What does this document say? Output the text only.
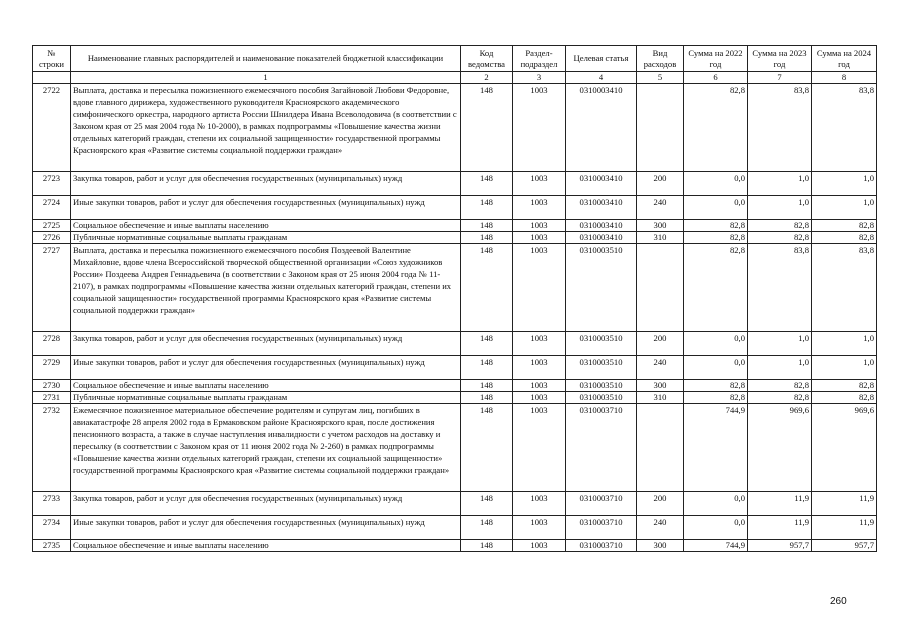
№ строки	Наименование главных распорядителей и наименование показателей бюджетной классификации	Код ведомства	Раздел-подраздел	Целевая статья	Вид расходов	Сумма на 2022 год	Сумма на 2023 год	Сумма на 2024 год
	1	2	3	4	5	6	7	8
2722	Выплата, доставка и пересылка пожизненного ежемесячного пособия Загайновой Любови Федоровне, вдове главного дирижера, художественного руководителя Красноярского академического симфонического оркестра, народного артиста России Шнилдера Ивана Всеволодовича (в соответствии с Законом края от 25 мая 2004 года № 10-2000), в рамках подпрограммы «Повышение качества жизни отдельных категорий граждан, степени их социальной защищенности» государственной программы Красноярского края «Развитие системы социальной поддержки граждан»	148	1003	0310003410		82,8	83,8	83,8
2723	Закупка товаров, работ и услуг для обеспечения государственных (муниципальных) нужд	148	1003	0310003410	200	0,0	1,0	1,0
2724	Иные закупки товаров, работ и услуг для обеспечения государственных (муниципальных) нужд	148	1003	0310003410	240	0,0	1,0	1,0
2725	Социальное обеспечение и иные выплаты населению	148	1003	0310003410	300	82,8	82,8	82,8
2726	Публичные нормативные социальные выплаты гражданам	148	1003	0310003410	310	82,8	82,8	82,8
2727	Выплата, доставка и пересылка пожизненного ежемесячного пособия Поздеевой Валентине Михайловне, вдове члена Всероссийской творческой общественной организации «Союз художников России» Поздеева Андрея Геннадьевича (в соответствии с Законом края от 25 июня 2004 года № 11-2107), в рамках подпрограммы «Повышение качества жизни отдельных категорий граждан, степени их социальной защищенности» государственной программы Красноярского края «Развитие системы социальной поддержки граждан»	148	1003	0310003510		82,8	83,8	83,8
2728	Закупка товаров, работ и услуг для обеспечения государственных (муниципальных) нужд	148	1003	0310003510	200	0,0	1,0	1,0
2729	Иные закупки товаров, работ и услуг для обеспечения государственных (муниципальных) нужд	148	1003	0310003510	240	0,0	1,0	1,0
2730	Социальное обеспечение и иные выплаты населению	148	1003	0310003510	300	82,8	82,8	82,8
2731	Публичные нормативные социальные выплаты гражданам	148	1003	0310003510	310	82,8	82,8	82,8
2732	Ежемесячное пожизненное материальное обеспечение родителям и супругам лиц, погибших в авиакатастрофе 28 апреля 2002 года в Ермаковском районе Красноярского края, после достижения пенсионного возраста, а также в случае наступления инвалидности с учетом расходов на доставку и пересылку (в соответствии с Законом края от 11 июня 2002 года № 2-260) в рамках подпрограммы «Повышение качества жизни отдельных категорий граждан, степени их социальной защищенности» государственной программы Красноярского края «Развитие системы социальной поддержки граждан»	148	1003	0310003710		744,9	969,6	969,6
2733	Закупка товаров, работ и услуг для обеспечения государственных (муниципальных) нужд	148	1003	0310003710	200	0,0	11,9	11,9
2734	Иные закупки товаров, работ и услуг для обеспечения государственных (муниципальных) нужд	148	1003	0310003710	240	0,0	11,9	11,9
2735	Социальное обеспечение и иные выплаты населению	148	1003	0310003710	300	744,9	957,7	957,7
260
